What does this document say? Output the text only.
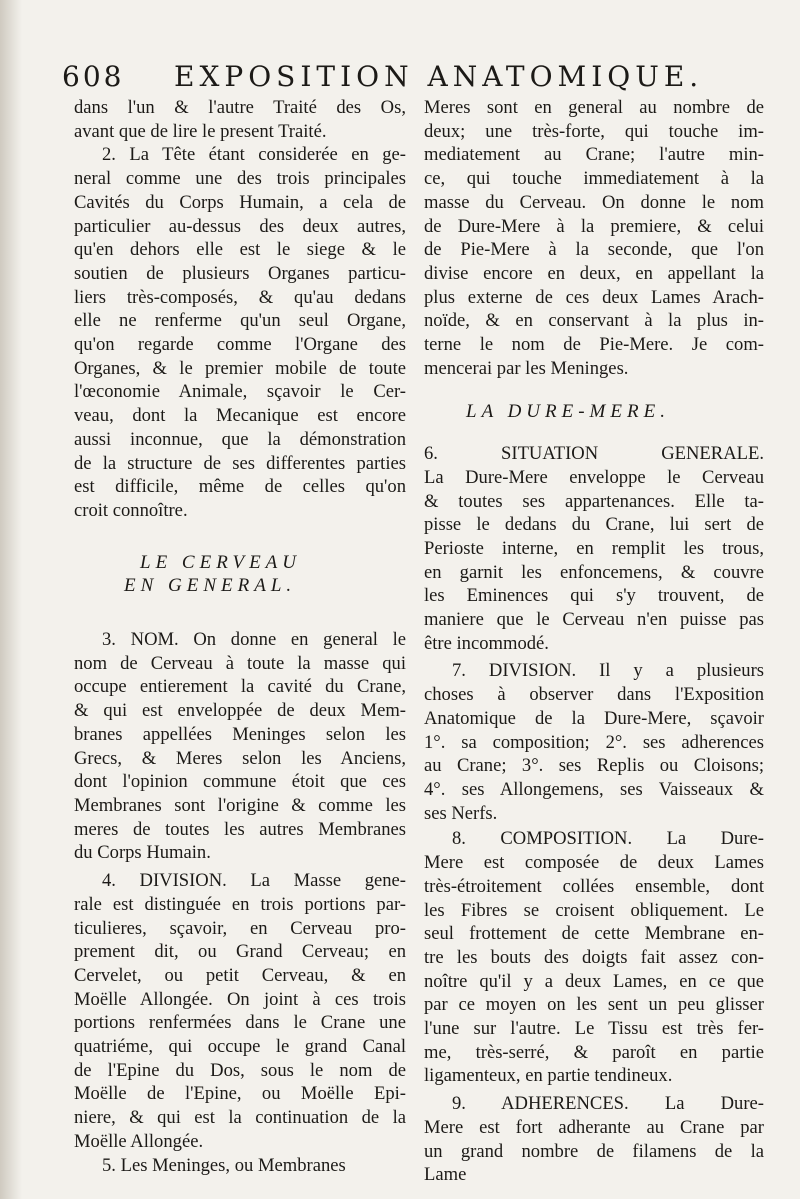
608 EXPOSITION ANATOMIQUE.
dans l'un & l'autre Traité des Os,
avant que de lire le present Traité.
2. La Tête étant considerée en ge-
neral comme une des trois principales
Cavités du Corps Humain, a cela de
particulier au-dessus des deux autres,
qu'en dehors elle est le siege & le
soutien de plusieurs Organes particu-
liers très-composés, & qu'au dedans
elle ne renferme qu'un seul Organe,
qu'on regarde comme l'Organe des
Organes, & le premier mobile de toute
l'œconomie Animale, sçavoir le Cer-
veau, dont la Mecanique est encore
aussi inconnue, que la démonstration
de la structure de ses differentes parties
est difficile, même de celles qu'on
croit connoître.
LE CERVEAU
EN GENERAL.
3. NOM. On donne en general le
nom de Cerveau à toute la masse qui
occupe entierement la cavité du Crane,
& qui est enveloppée de deux Mem-
branes appellées Meninges selon les
Grecs, & Meres selon les Anciens,
dont l'opinion commune étoit que ces
Membranes sont l'origine & comme les
meres de toutes les autres Membranes
du Corps Humain.
4. DIVISION. La Masse gene-
rale est distinguée en trois portions par-
ticulieres, sçavoir, en Cerveau pro-
prement dit, ou Grand Cerveau; en
Cervelet, ou petit Cerveau, & en
Moëlle Allongée. On joint à ces trois
portions renfermées dans le Crane une
quatriéme, qui occupe le grand Canal
de l'Epine du Dos, sous le nom de
Moëlle de l'Epine, ou Moëlle Epi-
niere, & qui est la continuation de la
Moëlle Allongée.
5. Les Meninges, ou Membranes
Meres sont en general au nombre de
deux; une très-forte, qui touche im-
mediatement au Crane; l'autre min-
ce, qui touche immediatement à la
masse du Cerveau. On donne le nom
de Dure-Mere à la premiere, & celui
de Pie-Mere à la seconde, que l'on
divise encore en deux, en appellant la
plus externe de ces deux Lames Arach-
noïde, & en conservant à la plus in-
terne le nom de Pie-Mere. Je com-
mencerai par les Meninges.
LA DURE-MERE.
6. SITUATION GENERALE.
La Dure-Mere enveloppe le Cerveau
& toutes ses appartenances. Elle ta-
pisse le dedans du Crane, lui sert de
Perioste interne, en remplit les trous,
en garnit les enfoncemens, & couvre
les Eminences qui s'y trouvent, de
maniere que le Cerveau n'en puisse pas
être incommodé.
7. DIVISION. Il y a plusieurs
choses à observer dans l'Exposition
Anatomique de la Dure-Mere, sçavoir
1°. sa composition; 2°. ses adherences
au Crane; 3°. ses Replis ou Cloisons;
4°. ses Allongemens, ses Vaisseaux &
ses Nerfs.
8. COMPOSITION. La Dure-
Mere est composée de deux Lames
très-étroitement collées ensemble, dont
les Fibres se croisent obliquement. Le
seul frottement de cette Membrane en-
tre les bouts des doigts fait assez con-
noître qu'il y a deux Lames, en ce que
par ce moyen on les sent un peu glisser
l'une sur l'autre. Le Tissu est très fer-
me, très-serré, & paroît en partie
ligamenteux, en partie tendineux.
9. ADHERENCES. La Dure-
Mere est fort adherante au Crane par
un grand nombre de filamens de la
Lame
